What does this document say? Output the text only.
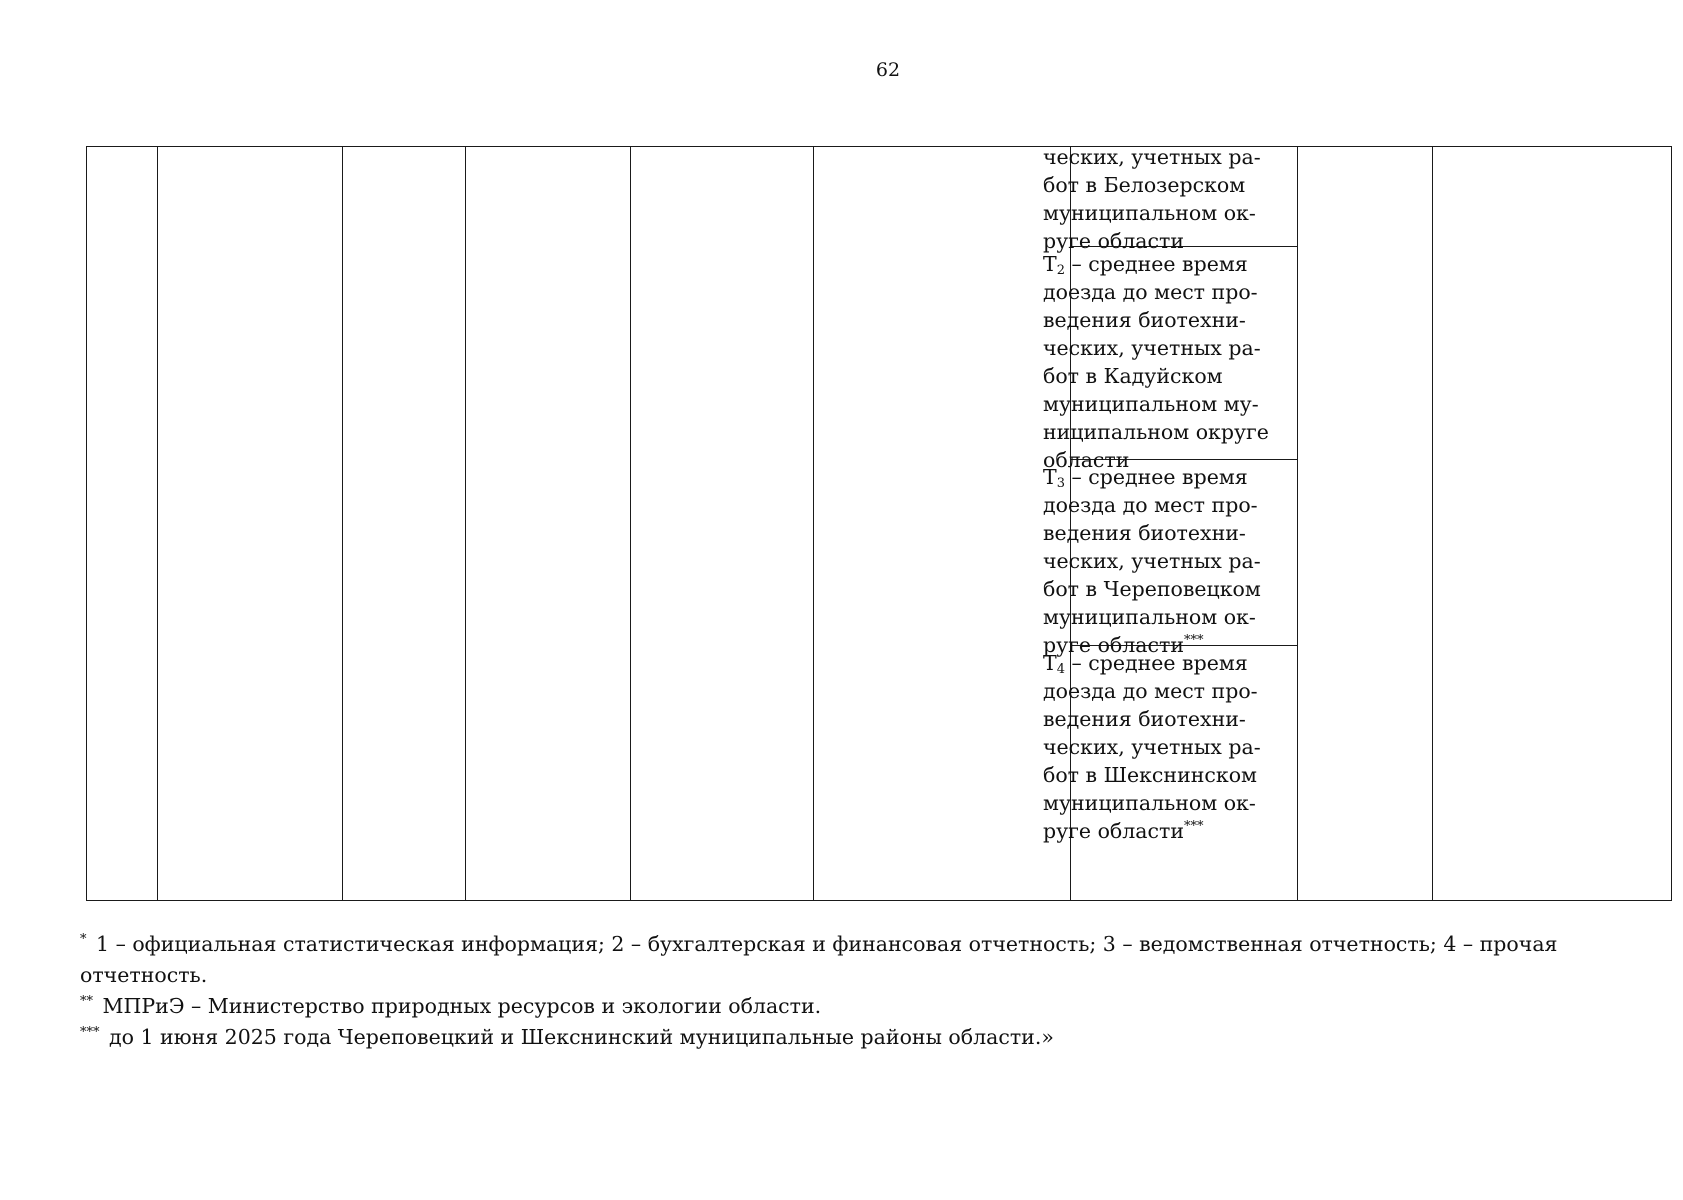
62
ческих, учетных ра-
бот в Белозерском
муниципальном ок-
руге области
$Т_2$ – среднее время
доезда до мест про-
ведения биотехни-
ческих, учетных ра-
бот в Кадуйском
муниципальном му-
ниципальном округе
области
$Т_3$ – среднее время
доезда до мест про-
ведения биотехни-
ческих, учетных ра-
бот в Череповецком
муниципальном ок-
руге области***
$Т_4$ – среднее время
доезда до мест про-
ведения биотехни-
ческих, учетных ра-
бот в Шекснинском
муниципальном ок-
руге области***
* 1 – официальная статистическая информация; 2 – бухгалтерская и финансовая отчетность; 3 – ведомственная отчетность; 4 – прочая отчетность.
** МПРиЭ – Министерство природных ресурсов и экологии области.
*** до 1 июня 2025 года Череповецкий и Шекснинский муниципальные районы области.»
